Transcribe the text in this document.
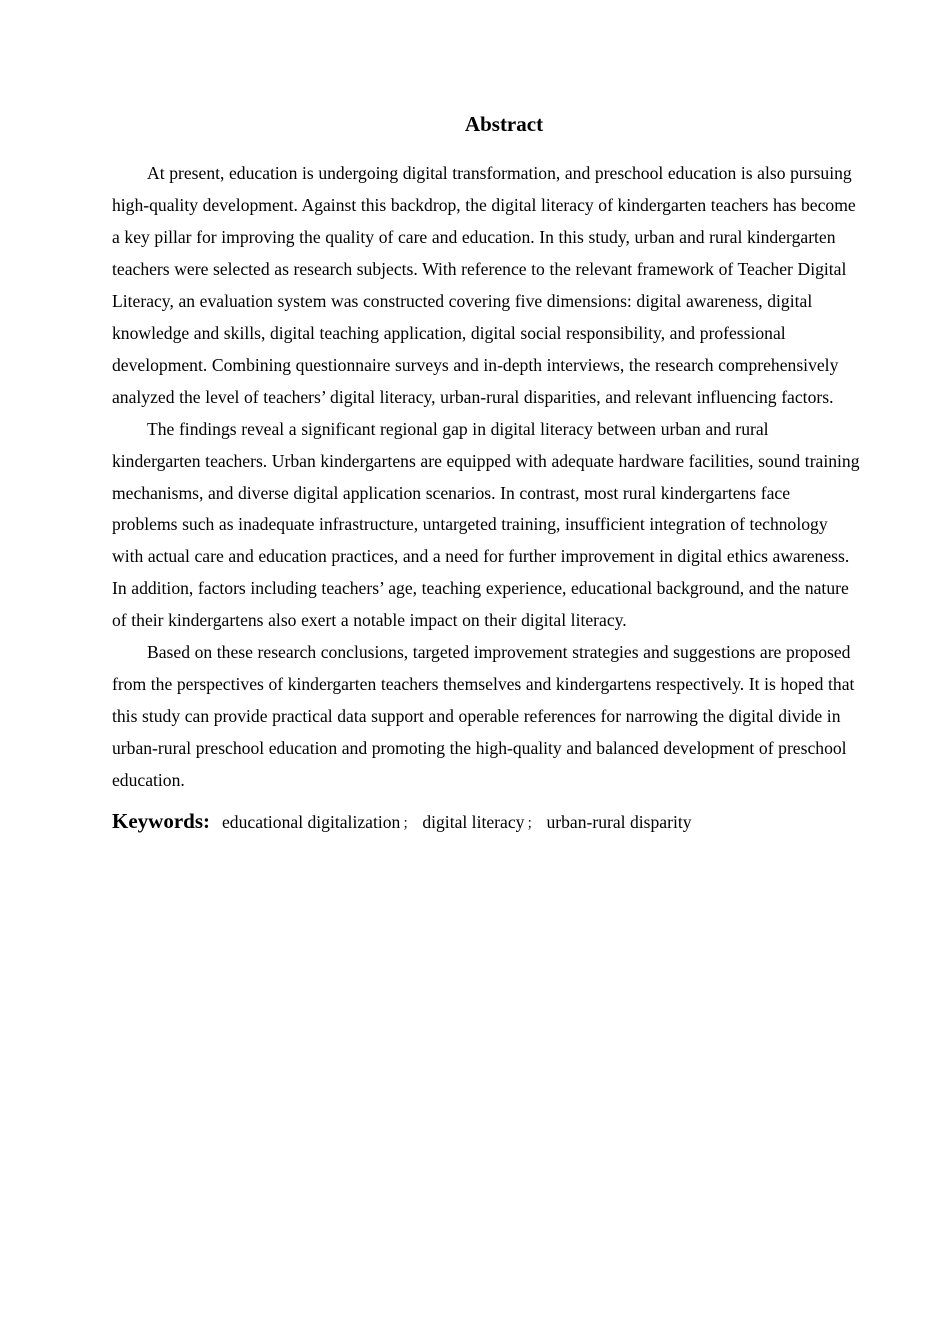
Abstract

At present, education is undergoing digital transformation, and preschool education is also pursuing high-quality development. Against this backdrop, the digital literacy of kindergarten teachers has become a key pillar for improving the quality of care and education. In this study, urban and rural kindergarten teachers were selected as research subjects. With reference to the relevant framework of Teacher Digital Literacy, an evaluation system was constructed covering five dimensions: digital awareness, digital knowledge and skills, digital teaching application, digital social responsibility, and professional development. Combining questionnaire surveys and in-depth interviews, the research comprehensively analyzed the level of teachers’ digital literacy, urban-rural disparities, and relevant influencing factors.

The findings reveal a significant regional gap in digital literacy between urban and rural kindergarten teachers. Urban kindergartens are equipped with adequate hardware facilities, sound training mechanisms, and diverse digital application scenarios. In contrast, most rural kindergartens face problems such as inadequate infrastructure, untargeted training, insufficient integration of technology with actual care and education practices, and a need for further improvement in digital ethics awareness. In addition, factors including teachers’ age, teaching experience, educational background, and the nature of their kindergartens also exert a notable impact on their digital literacy.

Based on these research conclusions, targeted improvement strategies and suggestions are proposed from the perspectives of kindergarten teachers themselves and kindergartens respectively. It is hoped that this study can provide practical data support and operable references for narrowing the digital divide in urban-rural preschool education and promoting the high-quality and balanced development of preschool education.

Keywords: educational digitalization ； digital literacy ； urban-rural disparity
